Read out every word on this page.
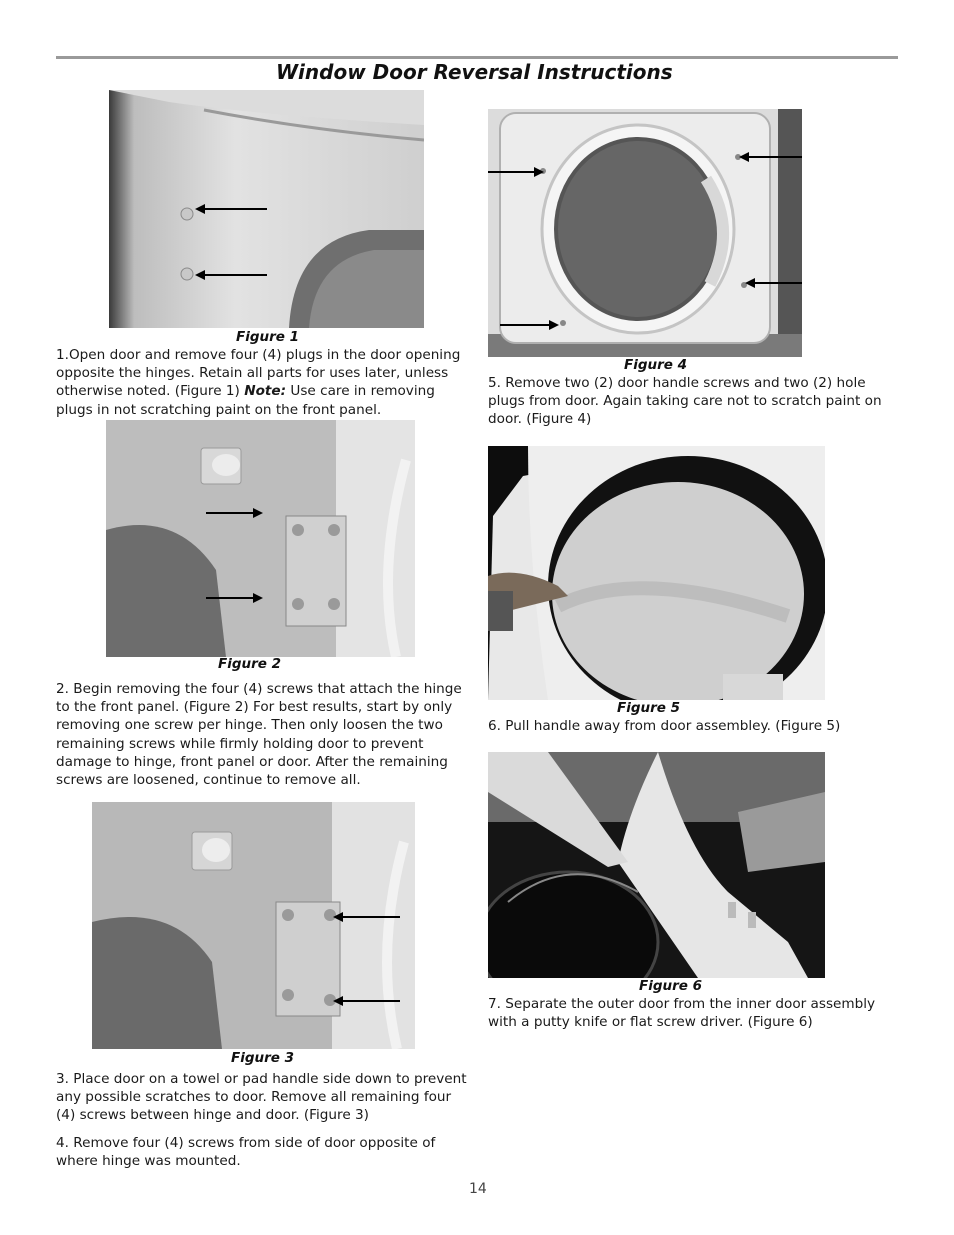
Window Door Reversal Instructions
Figure 1

1.Open door and remove four (4) plugs in the door opening opposite the hinges. Retain all parts for uses later, unless otherwise noted. (Figure 1) Note: Use care in removing plugs in not scratching paint on the front panel.

Figure 2

2. Begin removing the four (4) screws that attach the hinge to the front panel. (Figure 2) For best results, start by only removing one screw per hinge. Then only loosen the two remaining screws while firmly holding door to prevent damage to hinge, front panel or door. After the remaining screws are loosened, continue to remove all.

Figure 3

3. Place door on a towel or pad handle side down to prevent any possible scratches to door. Remove all remaining four (4) screws between hinge and door. (Figure 3)

4. Remove four (4) screws from side of door opposite of where hinge was mounted.

Figure 4

5. Remove two (2) door handle screws and two (2) hole plugs from door. Again taking care not to scratch paint on door. (Figure 4)

Figure 5

6. Pull handle away from door assembley. (Figure 5)

Figure 6

7. Separate the outer door from the inner door assembly with a putty knife or flat screw driver. (Figure 6)

14
